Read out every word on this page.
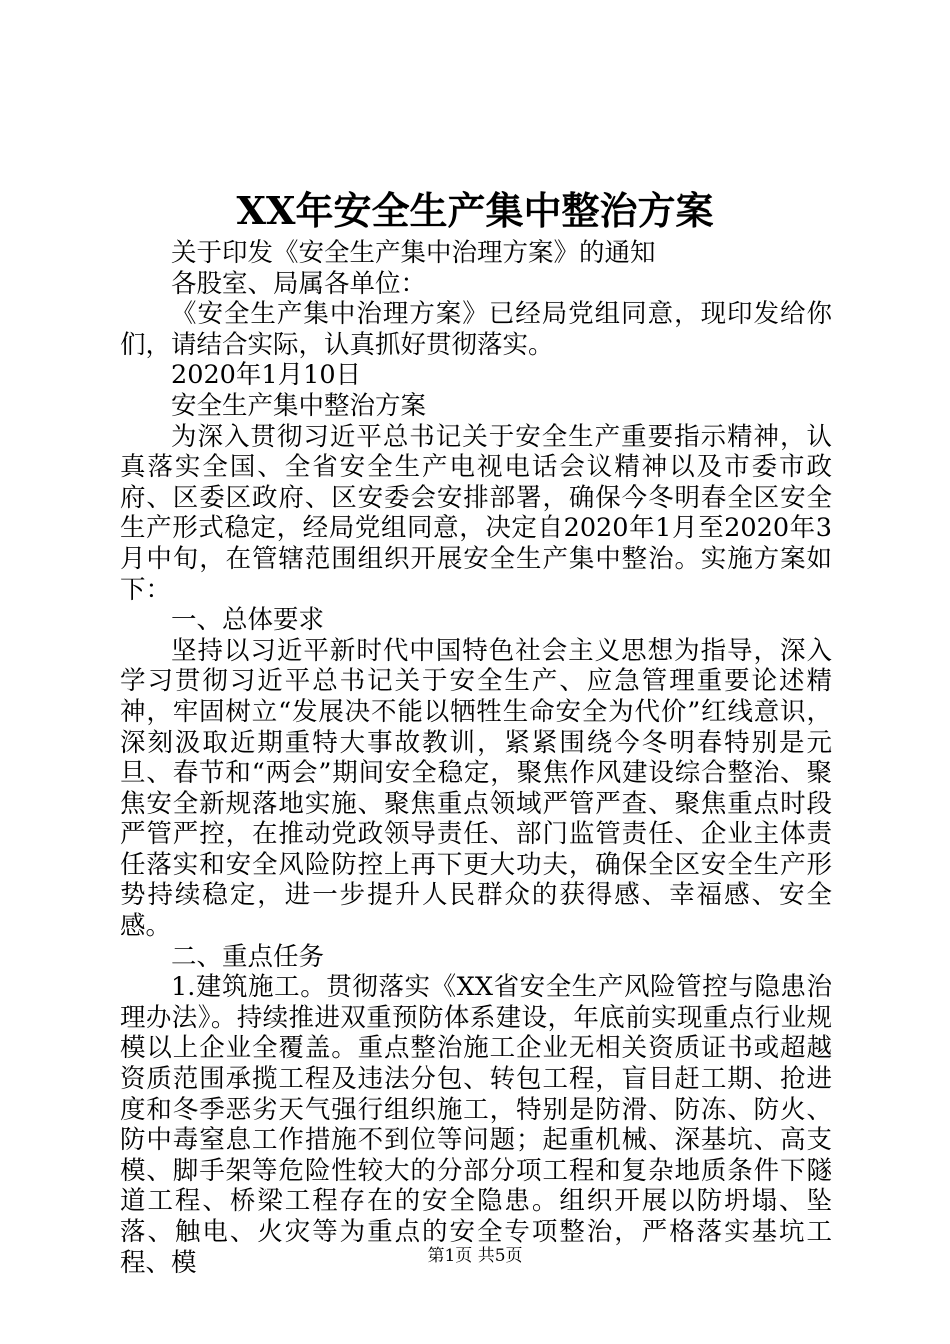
XX年安全生产集中整治方案

关于印发《安全生产集中治理方案》的通知

各股室、局属各单位：

《安全生产集中治理方案》已经局党组同意，现印发给你们，请结合实际，认真抓好贯彻落实。

2020年1月10日

安全生产集中整治方案

为深入贯彻习近平总书记关于安全生产重要指示精神，认真落实全国、全省安全生产电视电话会议精神以及市委市政府、区委区政府、区安委会安排部署，确保今冬明春全区安全生产形式稳定，经局党组同意，决定自2020年1月至2020年3月中旬，在管辖范围组织开展安全生产集中整治。实施方案如下：

一、总体要求

坚持以习近平新时代中国特色社会主义思想为指导，深入学习贯彻习近平总书记关于安全生产、应急管理重要论述精神，牢固树立“发展决不能以牺牲生命安全为代价”红线意识，深刻汲取近期重特大事故教训，紧紧围绕今冬明春特别是元旦、春节和“两会”期间安全稳定，聚焦作风建设综合整治、聚焦安全新规落地实施、聚焦重点领域严管严查、聚焦重点时段严管严控，在推动党政领导责任、部门监管责任、企业主体责任落实和安全风险防控上再下更大功夫，确保全区安全生产形势持续稳定，进一步提升人民群众的获得感、幸福感、安全感。

二、重点任务

1.建筑施工。贯彻落实《XX省安全生产风险管控与隐患治理办法》。持续推进双重预防体系建设，年底前实现重点行业规模以上企业全覆盖。重点整治施工企业无相关资质证书或超越资质范围承揽工程及违法分包、转包工程，盲目赶工期、抢进度和冬季恶劣天气强行组织施工，特别是防滑、防冻、防火、防中毒窒息工作措施不到位等问题；起重机械、深基坑、高支模、脚手架等危险性较大的分部分项工程和复杂地质条件下隧道工程、桥梁工程存在的安全隐患。组织开展以防坍塌、坠落、触电、火灾等为重点的安全专项整治，严格落实基坑工程、模	第1页 共5页
